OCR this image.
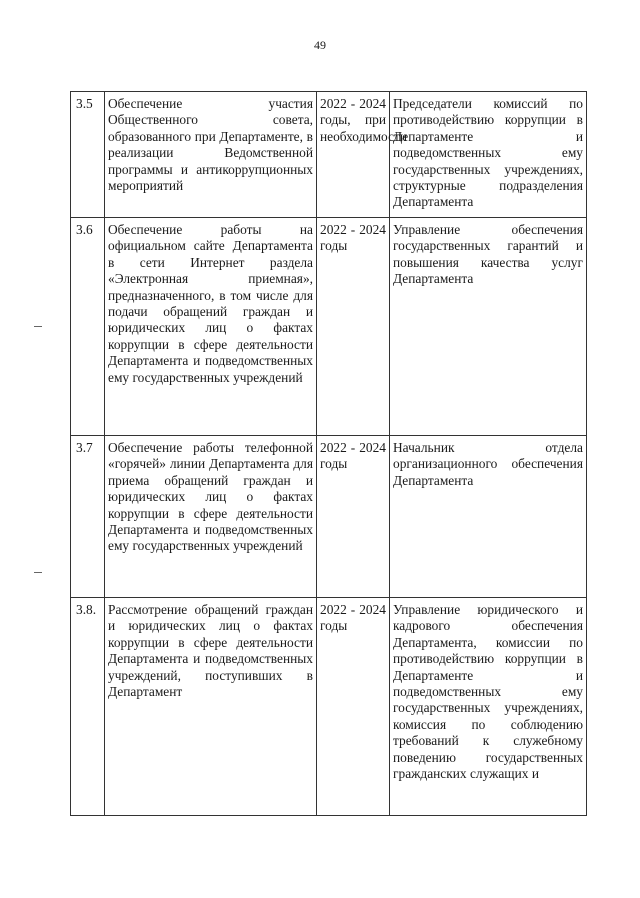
49
3.5	Обеспечение участия Общественного совета, образованного при Департаменте, в реализации Ведомственной программы и антикоррупционных мероприятий	2022 - 2024 годы, при необходимости	Председатели комиссий по противодействию коррупции в Департаменте и подведомственных ему государственных учреждениях, структурные подразделения Департамента
3.6	Обеспечение работы на официальном сайте Департамента в сети Интернет раздела «Электронная приемная», предназначенного, в том числе для подачи обращений граждан и юридических лиц о фактах коррупции в сфере деятельности Департамента и подведомственных ему государственных учреждений	2022 - 2024 годы	Управление обеспечения государственных гарантий и повышения качества услуг Департамента
3.7	Обеспечение работы телефонной «горячей» линии Департамента для приема обращений граждан и юридических лиц о фактах коррупции в сфере деятельности Департамента и подведомственных ему государственных учреждений	2022 - 2024 годы	Начальник отдела организационного обеспечения Департамента
3.8.	Рассмотрение обращений граждан и юридических лиц о фактах коррупции в сфере деятельности Департамента и подведомственных учреждений, поступивших в Департамент	2022 - 2024 годы	Управление юридического и кадрового обеспечения Департамента, комиссии по противодействию коррупции в Департаменте и подведомственных ему государственных учреждениях, комиссия по соблюдению требований к служебному поведению государственных гражданских служащих и
